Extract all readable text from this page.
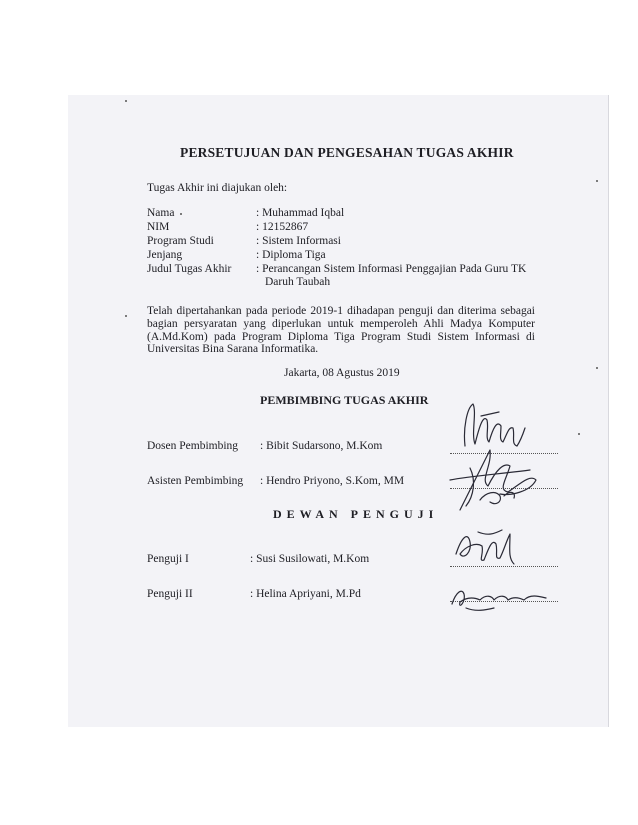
PERSETUJUAN DAN PENGESAHAN TUGAS AKHIR
Tugas Akhir ini diajukan oleh:
Nama	: Muhammad Iqbal
NIM	: 12152867
Program Studi	: Sistem Informasi
Jenjang	: Diploma Tiga
Judul Tugas Akhir : Perancangan Sistem Informasi Penggajian Pada Guru TK
Daruh Taubah
Telah dipertahankan pada periode 2019-1 dihadapan penguji dan diterima sebagai bagian persyaratan yang diperlukan untuk memperoleh Ahli Madya Komputer (A.Md.Kom) pada Program Diploma Tiga Program Studi Sistem Informasi di Universitas Bina Sarana Informatika.
Jakarta, 08 Agustus 2019
PEMBIMBING TUGAS AKHIR
Dosen Pembimbing : Bibit Sudarsono, M.Kom
Asisten Pembimbing : Hendro Priyono, S.Kom, MM
DEWAN PENGUJI
Penguji I	: Susi Susilowati, M.Kom
Penguji II	: Helina Apriyani, M.Pd
